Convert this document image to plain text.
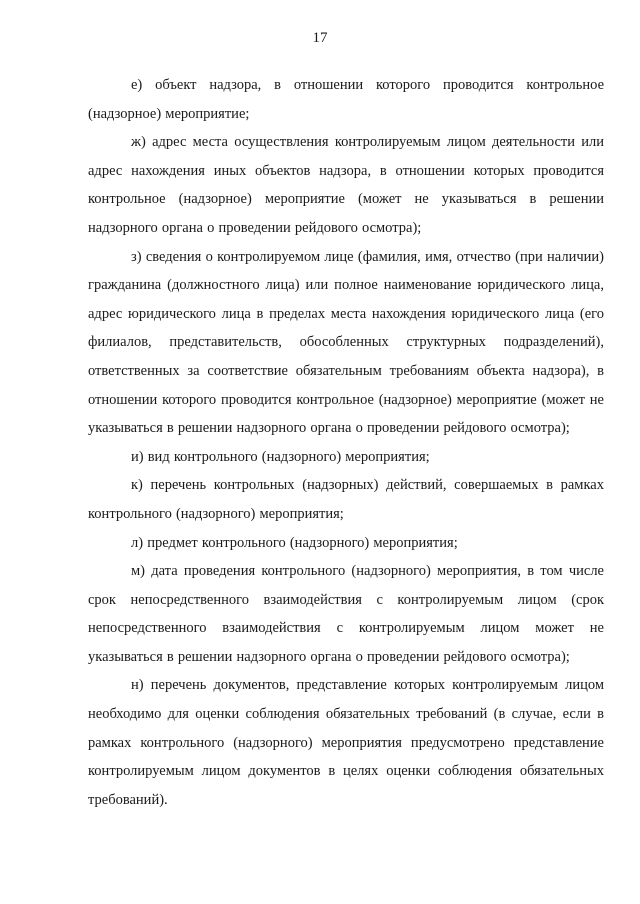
17

е) объект надзора, в отношении которого проводится контрольное (надзорное) мероприятие;

ж) адрес места осуществления контролируемым лицом деятельности или адрес нахождения иных объектов надзора, в отношении которых проводится контрольное (надзорное) мероприятие (может не указываться в решении надзорного органа о проведении рейдового осмотра);

з) сведения о контролируемом лице (фамилия, имя, отчество (при наличии) гражданина (должностного лица) или полное наименование юридического лица, адрес юридического лица в пределах места нахождения юридического лица (его филиалов, представительств, обособленных структурных подразделений), ответственных за соответствие обязательным требованиям объекта надзора), в отношении которого проводится контрольное (надзорное) мероприятие (может не указываться в решении надзорного органа о проведении рейдового осмотра);

и) вид контрольного (надзорного) мероприятия;

к) перечень контрольных (надзорных) действий, совершаемых в рамках контрольного (надзорного) мероприятия;

л) предмет контрольного (надзорного) мероприятия;

м) дата проведения контрольного (надзорного) мероприятия, в том числе срок непосредственного взаимодействия с контролируемым лицом (срок непосредственного взаимодействия с контролируемым лицом может не указываться в решении надзорного органа о проведении рейдового осмотра);

н) перечень документов, представление которых контролируемым лицом необходимо для оценки соблюдения обязательных требований (в случае, если в рамках контрольного (надзорного) мероприятия предусмотрено представление контролируемым лицом документов в целях оценки соблюдения обязательных требований).
